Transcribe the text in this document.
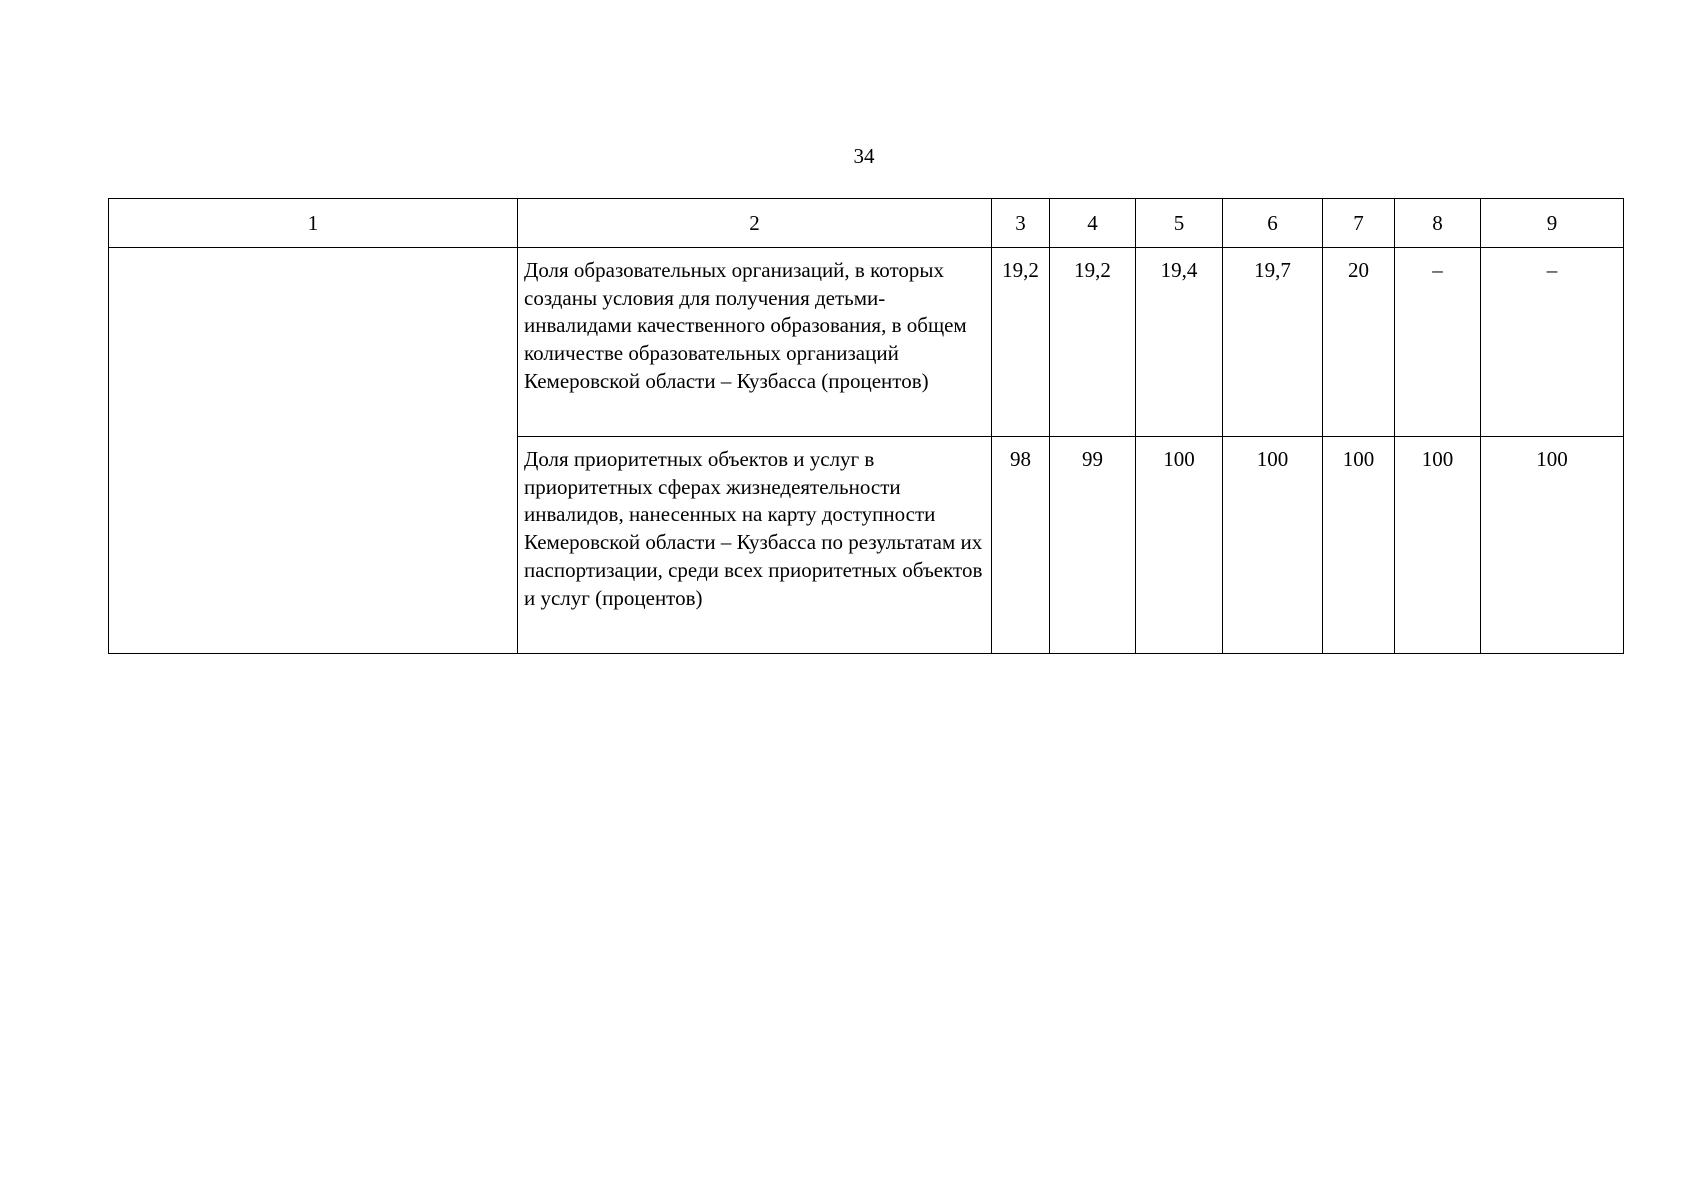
34
1	2	3	4	5	6	7	8	9
	Доля образовательных организаций, в которых созданы условия для получения детьми-инвалидами качественного образования, в общем количестве образовательных организаций Кемеровской области – Кузбасса (процентов)	19,2	19,2	19,4	19,7	20	–	–
	Доля приоритетных объектов и услуг в приоритетных сферах жизнедеятельности инвалидов, нанесенных на карту доступности Кемеровской области – Кузбасса по результатам их паспортизации, среди всех приоритетных объектов и услуг (процентов)	98	99	100	100	100	100	100
